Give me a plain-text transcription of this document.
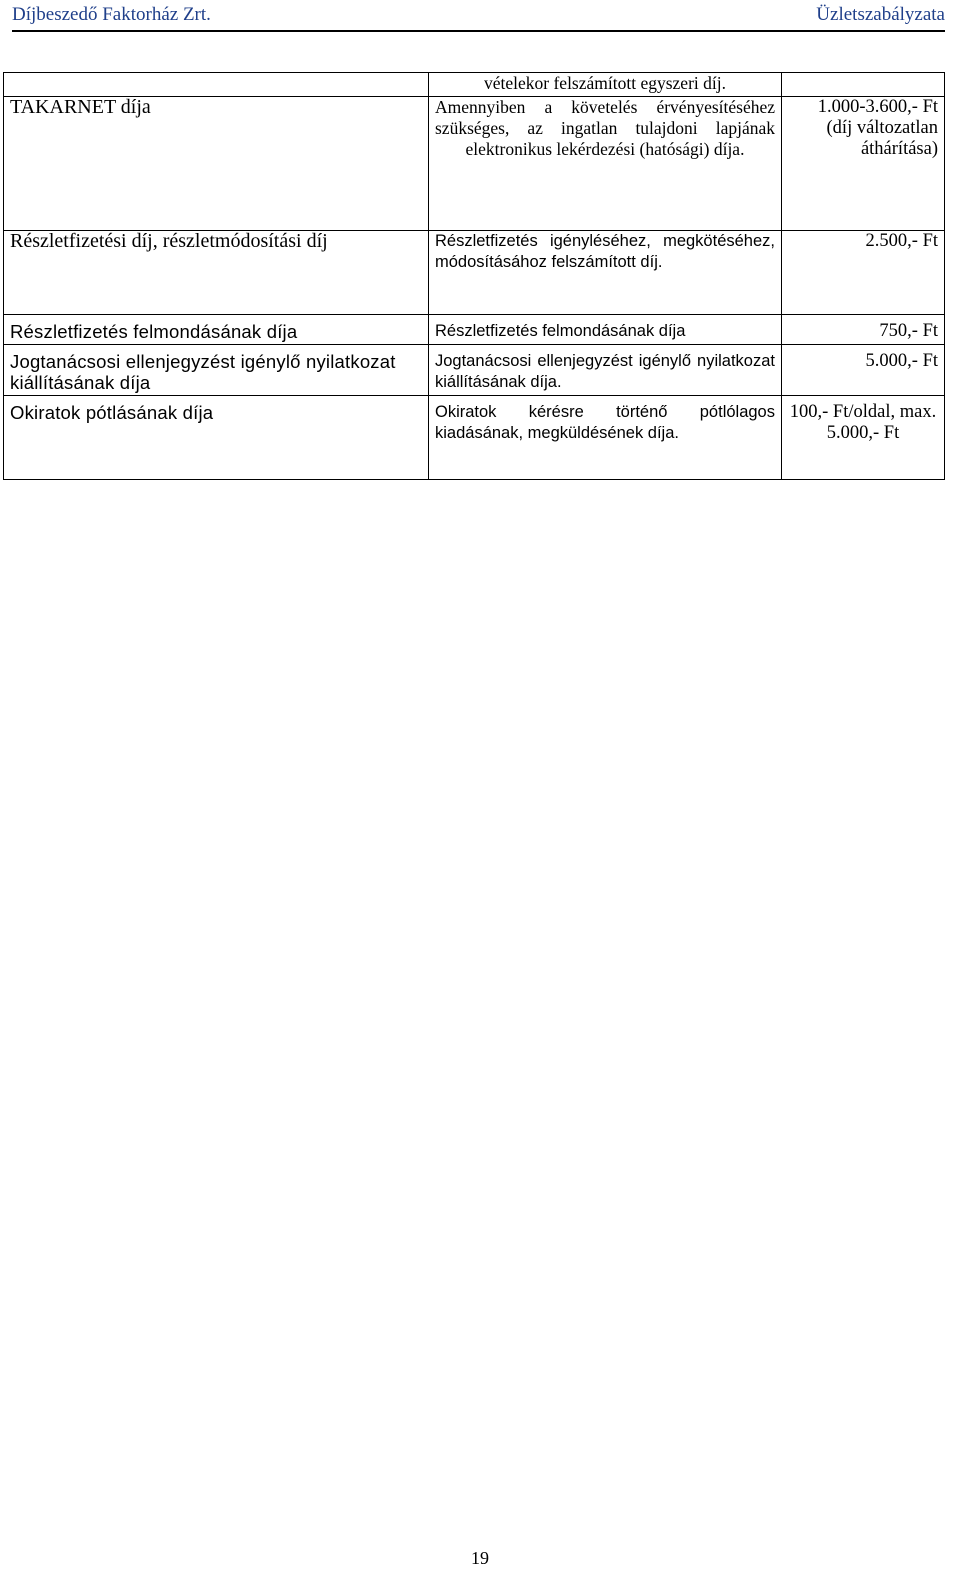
Díjbeszedő Faktorház Zrt.	Üzletszabályzata
	vételekor felszámított egyszeri díj.	
TAKARNET díja	Amennyiben a követelés érvényesítéséhez szükséges, az ingatlan tulajdoni lapjának elektronikus lekérdezési (hatósági) díja.	1.000-3.600,- Ft (díj változatlan áthárítása)
Részletfizetési díj, részletmódosítási díj	Részletfizetés igényléséhez, megkötéséhez, módosításához felszámított díj.	2.500,- Ft
Részletfizetés felmondásának díja	Részletfizetés felmondásának díja	750,- Ft
Jogtanácsosi ellenjegyzést igénylő nyilatkozat kiállításának díja	Jogtanácsosi ellenjegyzést igénylő nyilatkozat kiállításának díja.	5.000,- Ft
Okiratok pótlásának díja	Okiratok kérésre történő pótlólagos kiadásának, megküldésének díja.	100,- Ft/oldal, max. 5.000,- Ft
19
